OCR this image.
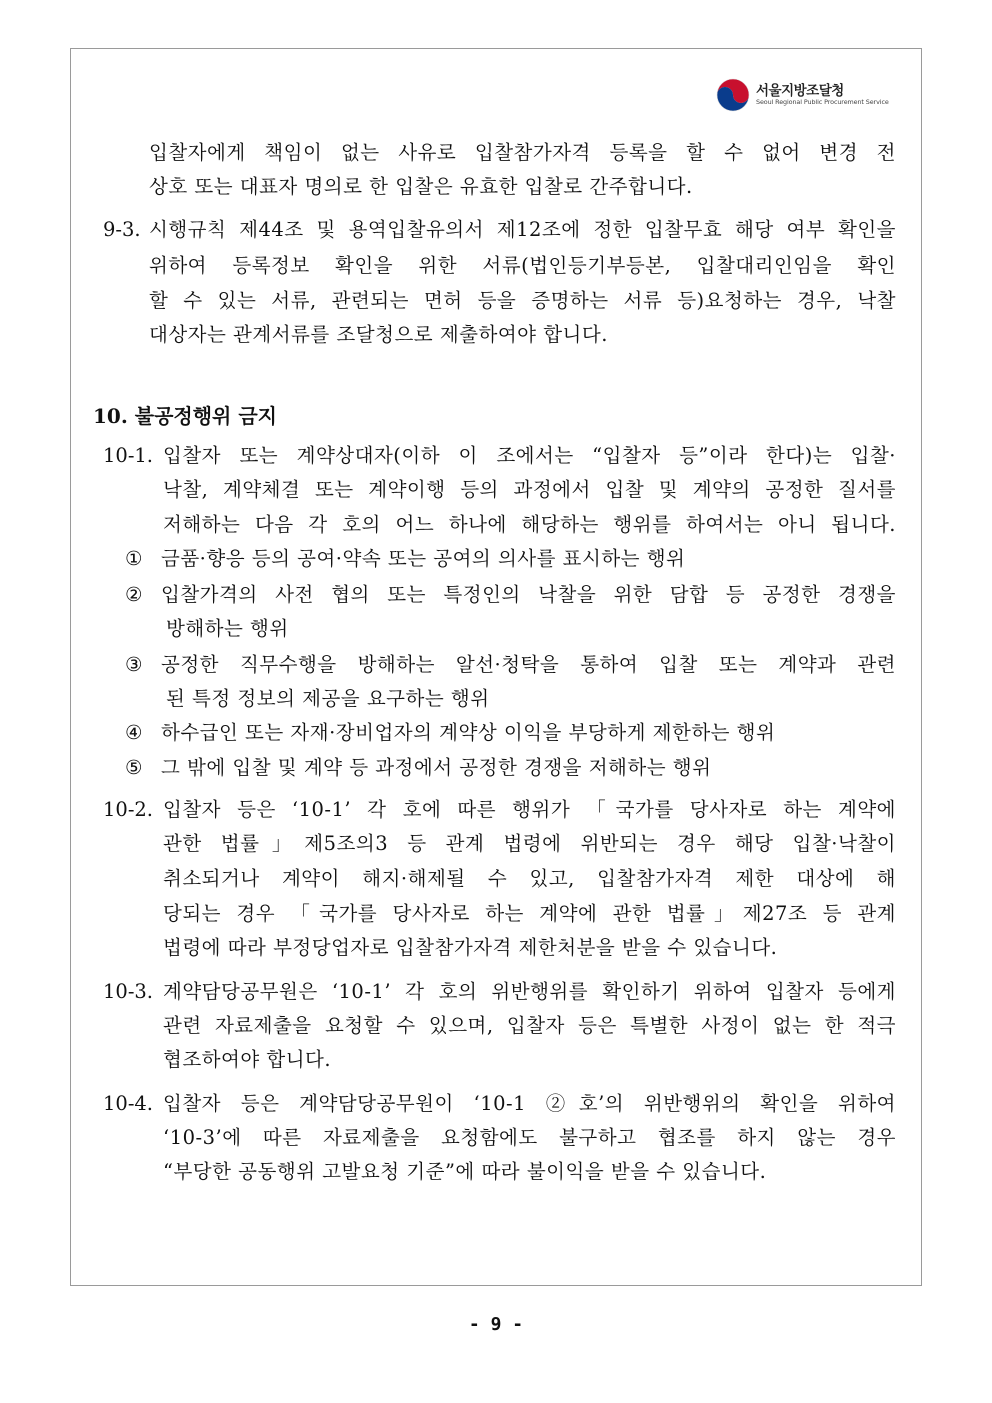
서울지방조달청
Seoul Regional Public Procurement Service
입찰자에게 책임이 없는 사유로 입찰참가자격 등록을 할 수 없어 변경 전
상호 또는 대표자 명의로 한 입찰은 유효한 입찰로 간주합니다.
9-3. 시행규칙 제44조 및 용역입찰유의서 제12조에 정한 입찰무효 해당 여부 확인을
위하여 등록정보 확인을 위한 서류(법인등기부등본, 입찰대리인임을 확인
할 수 있는 서류, 관련되는 면허 등을 증명하는 서류 등)요청하는 경우, 낙찰
대상자는 관계서류를 조달청으로 제출하여야 합니다.
10. 불공정행위 금지
10-1. 입찰자 또는 계약상대자(이하 이 조에서는 “입찰자 등”이라 한다)는 입찰·
낙찰, 계약체결 또는 계약이행 등의 과정에서 입찰 및 계약의 공정한 질서를
저해하는 다음 각 호의 어느 하나에 해당하는 행위를 하여서는 아니 됩니다.
① 금품·향응 등의 공여·약속 또는 공여의 의사를 표시하는 행위
② 입찰가격의 사전 협의 또는 특정인의 낙찰을 위한 담합 등 공정한 경쟁을
방해하는 행위
③ 공정한 직무수행을 방해하는 알선·청탁을 통하여 입찰 또는 계약과 관련
된 특정 정보의 제공을 요구하는 행위
④ 하수급인 또는 자재·장비업자의 계약상 이익을 부당하게 제한하는 행위
⑤ 그 밖에 입찰 및 계약 등 과정에서 공정한 경쟁을 저해하는 행위
10-2. 입찰자 등은 ‘10-1’ 각 호에 따른 행위가 「국가를 당사자로 하는 계약에
관한 법률」제5조의3 등 관계 법령에 위반되는 경우 해당 입찰·낙찰이
취소되거나 계약이 해지·해제될 수 있고, 입찰참가자격 제한 대상에 해
당되는 경우 「국가를 당사자로 하는 계약에 관한 법률」제27조 등 관계
법령에 따라 부정당업자로 입찰참가자격 제한처분을 받을 수 있습니다.
10-3. 계약담당공무원은 ‘10-1’ 각 호의 위반행위를 확인하기 위하여 입찰자 등에게
관련 자료제출을 요청할 수 있으며, 입찰자 등은 특별한 사정이 없는 한 적극
협조하여야 합니다.
10-4. 입찰자 등은 계약담당공무원이 ‘10-1 ②호’의 위반행위의 확인을 위하여
‘10-3’에 따른 자료제출을 요청함에도 불구하고 협조를 하지 않는 경우
“부당한 공동행위 고발요청 기준”에 따라 불이익을 받을 수 있습니다.
- 9 -
